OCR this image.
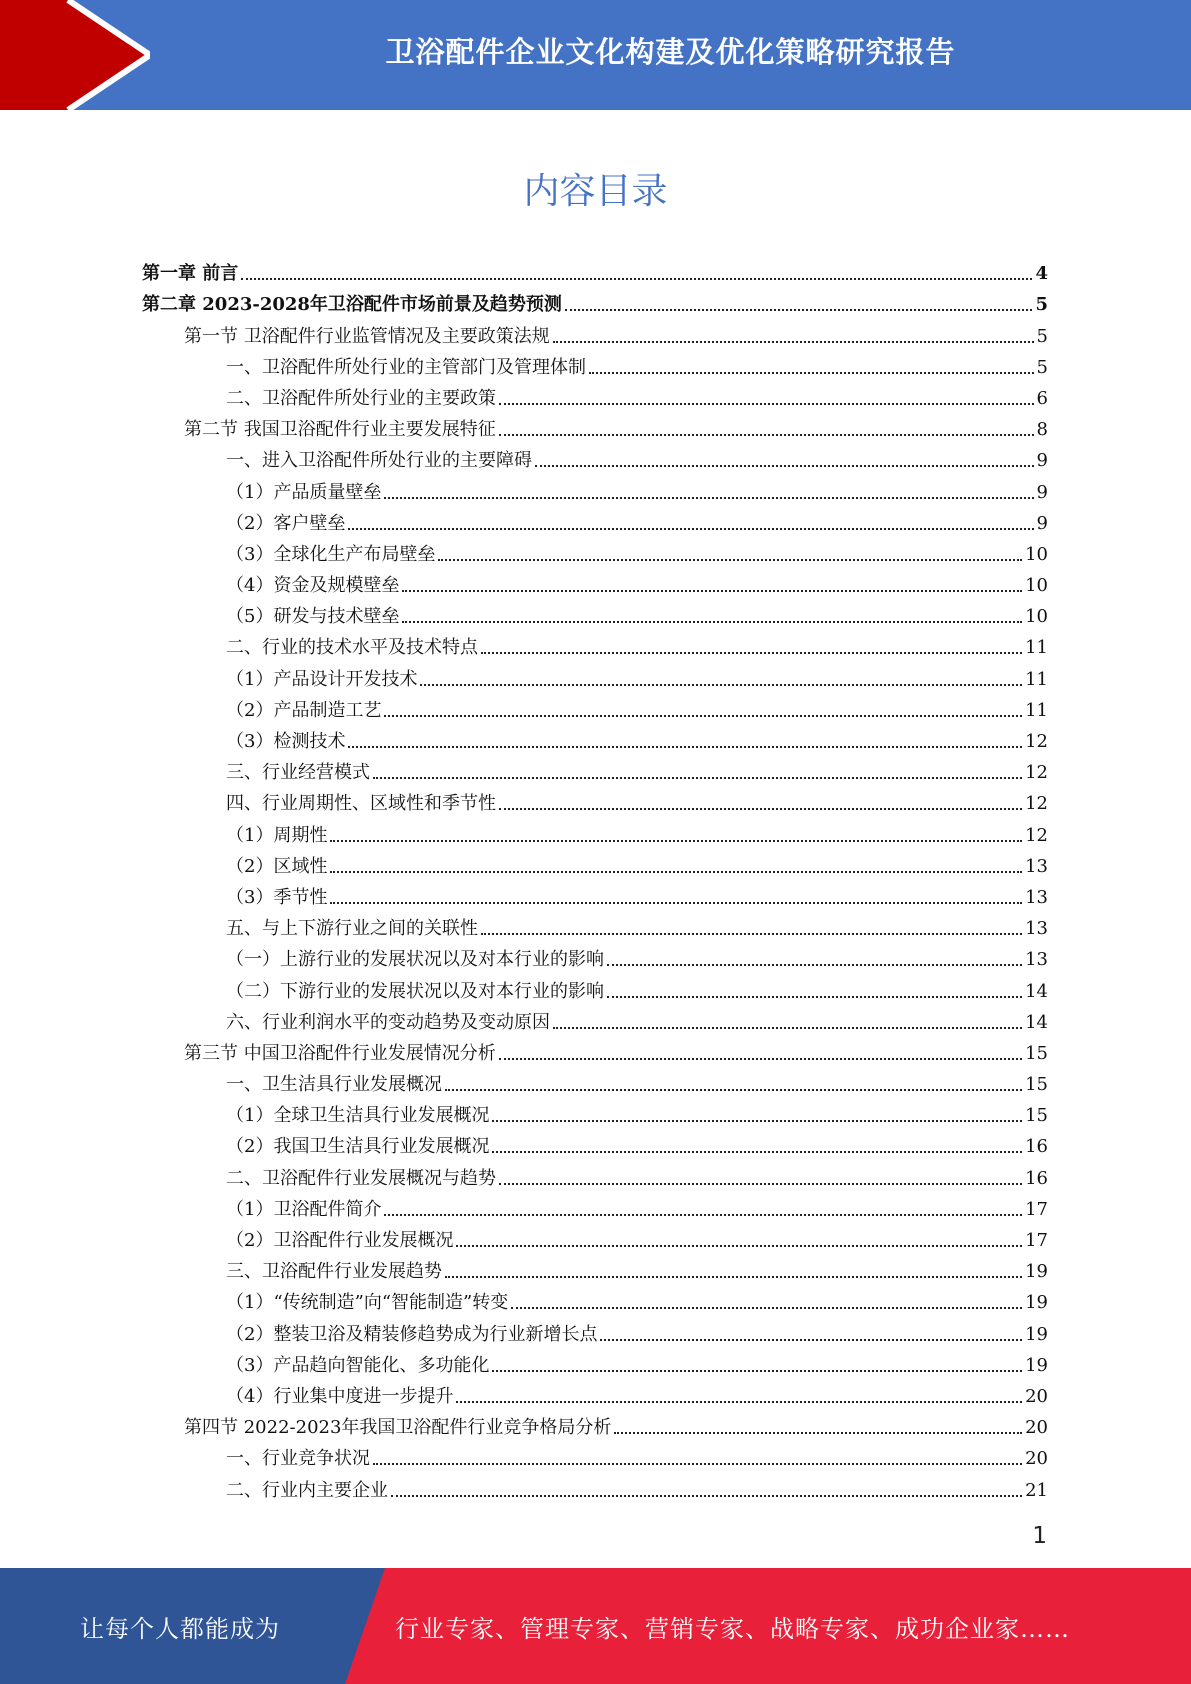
卫浴配件企业文化构建及优化策略研究报告
内容目录
第一章 前言	4
第二章 2023-2028年卫浴配件市场前景及趋势预测	5
第一节 卫浴配件行业监管情况及主要政策法规	5
一、卫浴配件所处行业的主管部门及管理体制	5
二、卫浴配件所处行业的主要政策	6
第二节 我国卫浴配件行业主要发展特征	8
一、进入卫浴配件所处行业的主要障碍	9
（1）产品质量壁垒	9
（2）客户壁垒	9
（3）全球化生产布局壁垒	10
（4）资金及规模壁垒	10
（5）研发与技术壁垒	10
二、行业的技术水平及技术特点	11
（1）产品设计开发技术	11
（2）产品制造工艺	11
（3）检测技术	12
三、行业经营模式	12
四、行业周期性、区域性和季节性	12
（1）周期性	12
（2）区域性	13
（3）季节性	13
五、与上下游行业之间的关联性	13
（一）上游行业的发展状况以及对本行业的影响	13
（二）下游行业的发展状况以及对本行业的影响	14
六、行业利润水平的变动趋势及变动原因	14
第三节 中国卫浴配件行业发展情况分析	15
一、卫生洁具行业发展概况	15
（1）全球卫生洁具行业发展概况	15
（2）我国卫生洁具行业发展概况	16
二、卫浴配件行业发展概况与趋势	16
（1）卫浴配件简介	17
（2）卫浴配件行业发展概况	17
三、卫浴配件行业发展趋势	19
（1）“传统制造”向“智能制造”转变	19
（2）整装卫浴及精装修趋势成为行业新增长点	19
（3）产品趋向智能化、多功能化	19
（4）行业集中度进一步提升	20
第四节 2022-2023年我国卫浴配件行业竞争格局分析	20
一、行业竞争状况	20
二、行业内主要企业	21
1
让每个人都能成为	行业专家、管理专家、营销专家、战略专家、成功企业家……
